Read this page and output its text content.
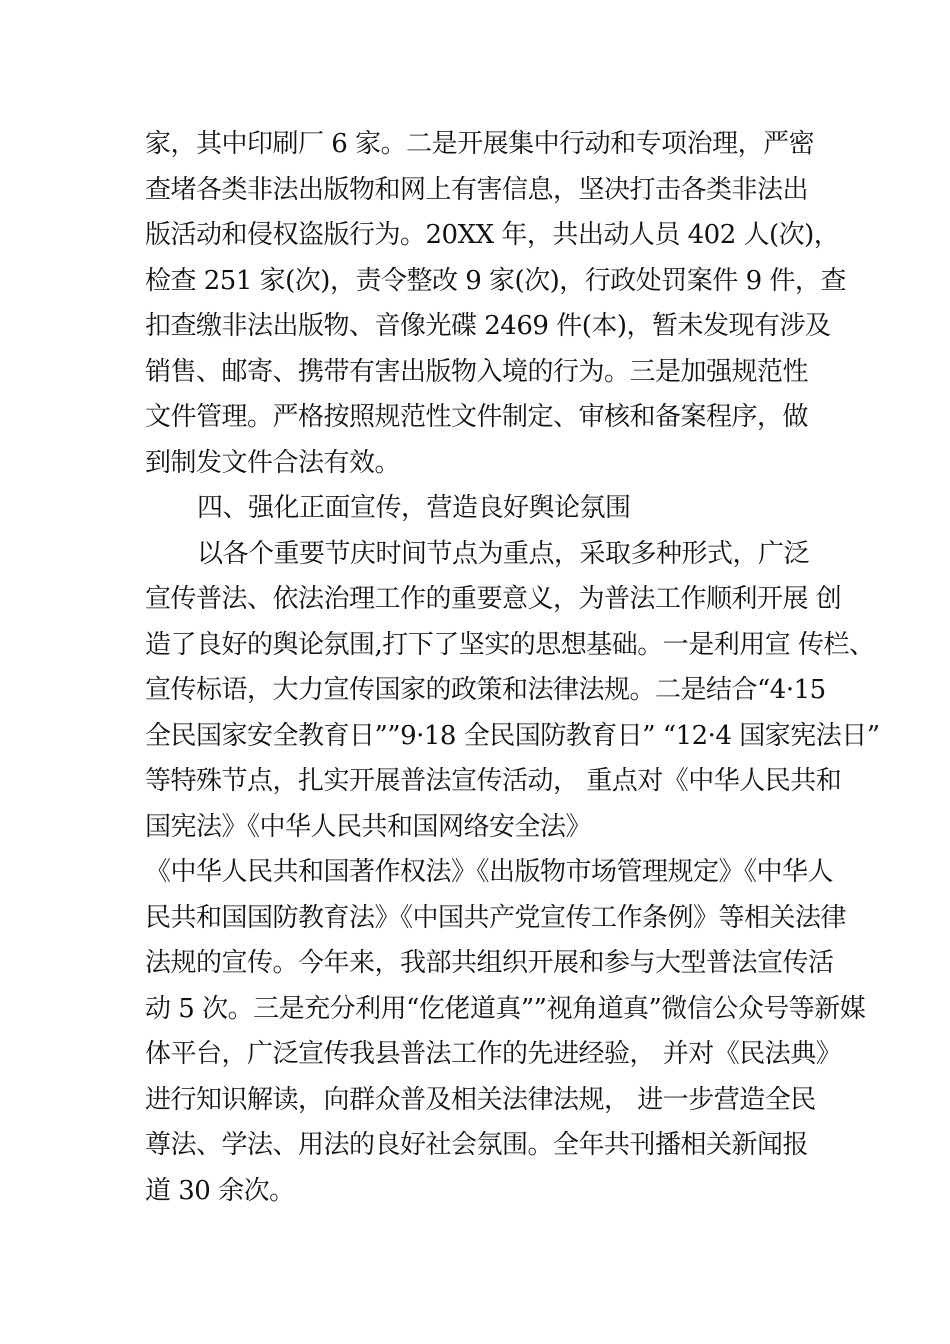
家，其中印刷厂 6 家。二是开展集中行动和专项治理，严密
查堵各类非法出版物和网上有害信息，坚决打击各类非法出
版活动和侵权盗版行为。20XX 年，共出动人员 402 人(次)，
检查 251 家(次)，责令整改 9 家(次)，行政处罚案件 9 件，查
扣查缴非法出版物、音像光碟 2469 件(本)，暂未发现有涉及
销售、邮寄、携带有害出版物入境的行为。三是加强规范性
文件管理。严格按照规范性文件制定、审核和备案程序，做
到制发文件合法有效。
四、强化正面宣传，营造良好舆论氛围
以各个重要节庆时间节点为重点，采取多种形式，广泛
宣传普法、依法治理工作的重要意义，为普法工作顺利开展 创
造了良好的舆论氛围,打下了坚实的思想基础。一是利用宣 传栏、
宣传标语，大力宣传国家的政策和法律法规。二是结合“4·15
全民国家安全教育日””9·18 全民国防教育日” “12·4 国家宪法日”
等特殊节点，扎实开展普法宣传活动， 重点对《中华人民共和
国宪法》《中华人民共和国网络安全法》
《中华人民共和国著作权法》《出版物市场管理规定》《中华人
民共和国国防教育法》《中国共产党宣传工作条例》等相关法律
法规的宣传。今年来，我部共组织开展和参与大型普法宣传活
动 5 次。三是充分利用“仡佬道真””视角道真”微信公众号等新媒
体平台，广泛宣传我县普法工作的先进经验， 并对《民法典》
进行知识解读，向群众普及相关法律法规， 进一步营造全民
尊法、学法、用法的良好社会氛围。全年共刊播相关新闻报
道 30 余次。
